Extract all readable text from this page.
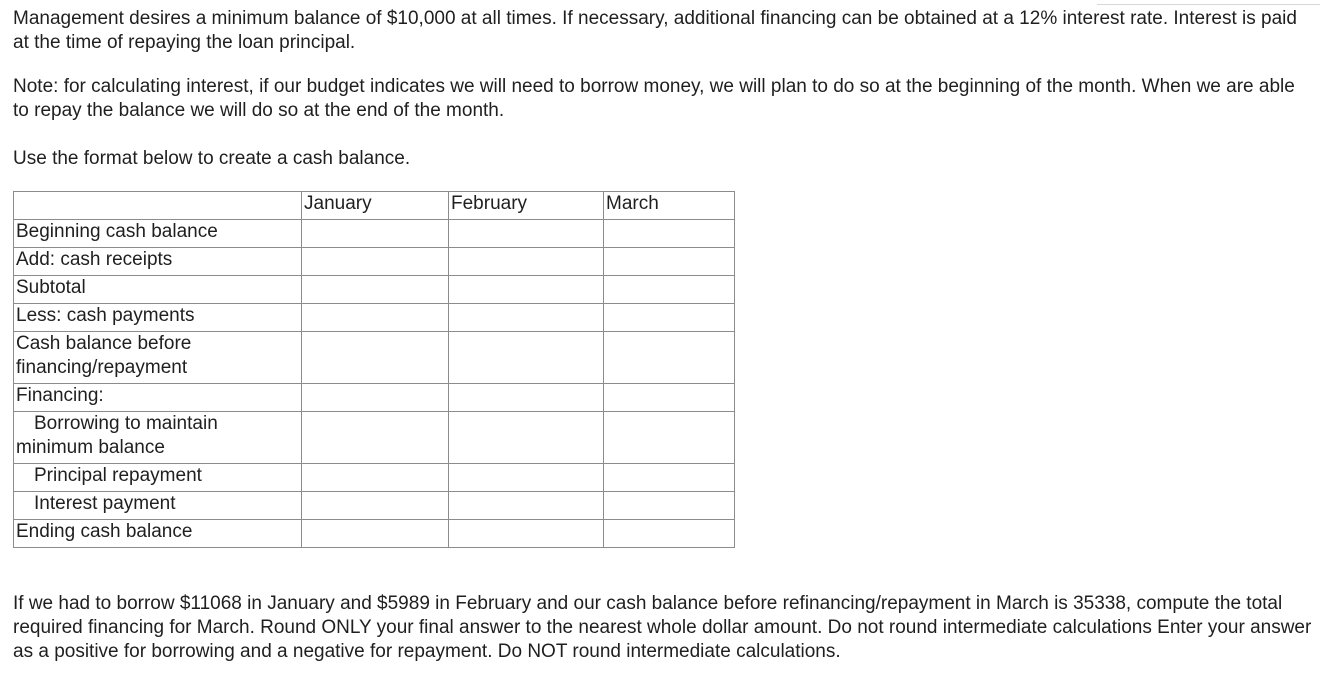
Management desires a minimum balance of $10,000 at all times. If necessary, additional financing can be obtained at a 12% interest rate. Interest is paid at the time of repaying the loan principal.

Note: for calculating interest, if our budget indicates we will need to borrow money, we will plan to do so at the beginning of the month. When we are able to repay the balance we will do so at the end of the month.

Use the format below to create a cash balance.

	January	February	March
Beginning cash balance			
Add: cash receipts			
Subtotal			
Less: cash payments			
Cash balance before financing/repayment			
Financing:			

Borrowing to maintain minimum balance			

Principal repayment			

Interest payment			

Ending cash balance			

If we had to borrow $11068 in January and $5989 in February and our cash balance before refinancing/repayment in March is 35338, compute the total required financing for March. Round ONLY your final answer to the nearest whole dollar amount. Do not round intermediate calculations Enter your answer as a positive for borrowing and a negative for repayment. Do NOT round intermediate calculations.
